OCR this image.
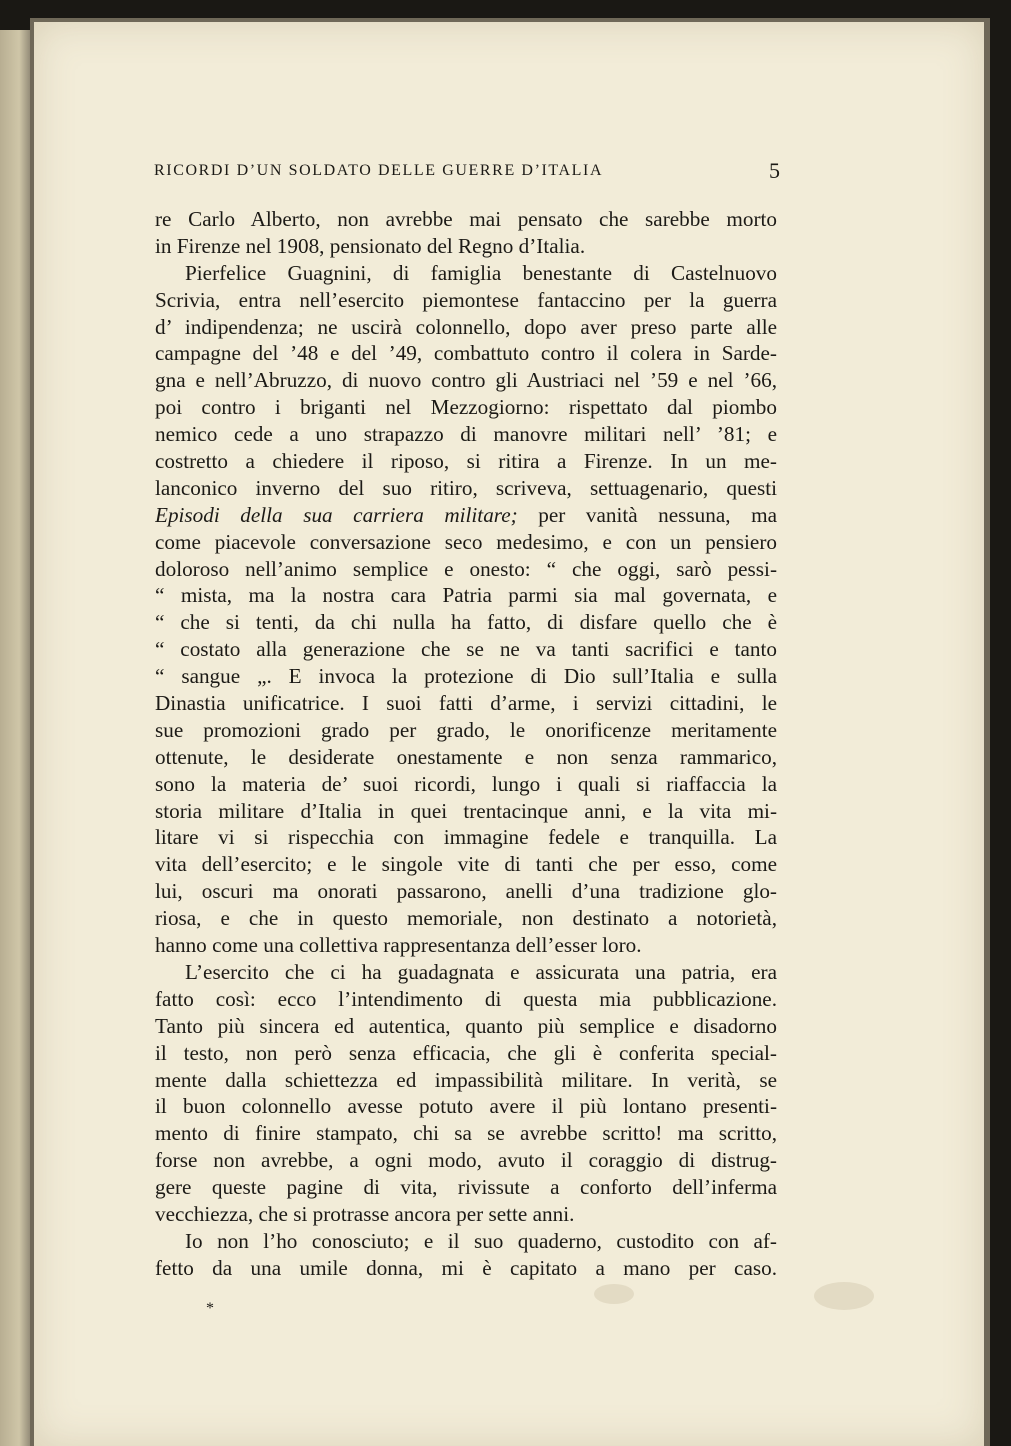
RICORDI D’UN SOLDATO DELLE GUERRE D’ITALIA	5
re Carlo Alberto, non avrebbe mai pensato che sarebbe morto
in Firenze nel 1908, pensionato del Regno d’Italia.
Pierfelice Guagnini, di famiglia benestante di Castelnuovo
Scrivia, entra nell’esercito piemontese fantaccino per la guerra
d’ indipendenza; ne uscirà colonnello, dopo aver preso parte alle
campagne del ’48 e del ’49, combattuto contro il colera in Sarde-
gna e nell’Abruzzo, di nuovo contro gli Austriaci nel ’59 e nel ’66,
poi contro i briganti nel Mezzogiorno: rispettato dal piombo
nemico cede a uno strapazzo di manovre militari nell’ ’81; e
costretto a chiedere il riposo, si ritira a Firenze. In un me-
lanconico inverno del suo ritiro, scriveva, settuagenario, questi
Episodi della sua carriera militare; per vanità nessuna, ma
come piacevole conversazione seco medesimo, e con un pensiero
doloroso nell’animo semplice e onesto: “ che oggi, sarò pessi-
“ mista, ma la nostra cara Patria parmi sia mal governata, e
“ che si tenti, da chi nulla ha fatto, di disfare quello che è
“ costato alla generazione che se ne va tanti sacrifici e tanto
“ sangue „. E invoca la protezione di Dio sull’Italia e sulla
Dinastia unificatrice. I suoi fatti d’arme, i servizi cittadini, le
sue promozioni grado per grado, le onorificenze meritamente
ottenute, le desiderate onestamente e non senza rammarico,
sono la materia de’ suoi ricordi, lungo i quali si riaffaccia la
storia militare d’Italia in quei trentacinque anni, e la vita mi-
litare vi si rispecchia con immagine fedele e tranquilla. La
vita dell’esercito; e le singole vite di tanti che per esso, come
lui, oscuri ma onorati passarono, anelli d’una tradizione glo-
riosa, e che in questo memoriale, non destinato a notorietà,
hanno come una collettiva rappresentanza dell’esser loro.
L’esercito che ci ha guadagnata e assicurata una patria, era
fatto così: ecco l’intendimento di questa mia pubblicazione.
Tanto più sincera ed autentica, quanto più semplice e disadorno
il testo, non però senza efficacia, che gli è conferita special-
mente dalla schiettezza ed impassibilità militare. In verità, se
il buon colonnello avesse potuto avere il più lontano presenti-
mento di finire stampato, chi sa se avrebbe scritto! ma scritto,
forse non avrebbe, a ogni modo, avuto il coraggio di distrug-
gere queste pagine di vita, rivissute a conforto dell’inferma
vecchiezza, che si protrasse ancora per sette anni.
Io non l’ho conosciuto; e il suo quaderno, custodito con af-
fetto da una umile donna, mi è capitato a mano per caso.
*
